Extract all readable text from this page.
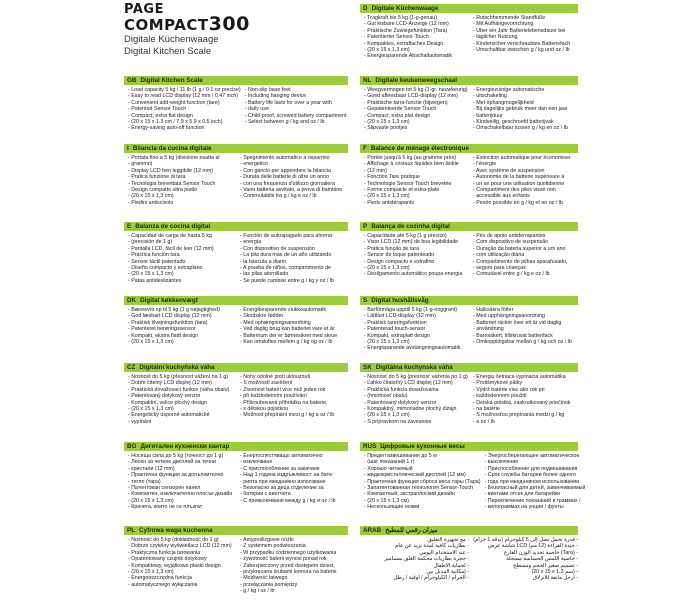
PAGE
COMPACT300
Digitale Küchenwaage
Digital Kitchen Scale
GB Digital Kitchen Scale
- Load capacity 5 kg / 11 lb (1 g / 0.1 oz precise)
- Easy to read LCD display (12 mm / 0.47 inch)
- Convenient add-weight function (tare)
- Patented Sensor Touch
- Compact, extra flat design
- (20 x 15 x 1.3 cm / 7.9 x 5.9 x 0.5 inch)
- Energy-saving auto-off function
- Non-slip base feet
- Including hanging device
- Battery life lasts for over a year with
- daily use
- Child-proof, screwed battery compartment
- Select between g / kg and oz / lb
I Bilancia da cucina digitale
- Portata fino a 5 kg (divisione esatta al
- grammo)
- Display LCD ben leggibile (12 mm)
- Pratica funzione di tara
- Tecnologia brevettata Sensor Touch
- Design compatto ultra piatto
- (20 x 15 x 1,3 cm)
- Piedini antiscivolo
- Spegnimento automatico a risparmio
- energetico
- Con gancio per appendere la bilancia
- Durata delle batterie di oltre un anno
- con una frequenza d'utilizzo giornaliera
- Vano batteria avvitato, a prova di bambino
- Commutabile tra g / kg e oz / lb
E Balanza de cocina digital
- Capacidad de carga de hasta 5 kg
- (precisión de 1 g)
- Pantalla LCD, fácil de leer (12 mm)
- Práctica función tara
- Sensor táctil patentado
- Diseño compacto y extraplano
- (20 x 15 x 1,3 cm)
- Patas antideslizantes
- Función de autoapagado para ahorrar
- energía
- Con dispositivo de suspensión
- La pila dura más de un año utilizando
- la báscula a diario
- A prueba de niños, compartimento de
- las pilas atornillado
- Se puede cambiar entre g / kg y oz / lb
DK Digital køkkenvægt
- Bæreevnt op til 5 kg (1 g nøjagtighed)
- God læsbart LCD display (12 mm)
- Praktisk tilvejningsfunktion (tara)
- Patenteret berøringssensor
- Kompakt, ekstra fladt design
- (20 x 15 x 1,3 cm)
- Energibesparende slukkeautomatik
- Skridsikre fødder
- Med ophængningsanordning
- Ved daglig brug kan batteriet vare et år
- Batterirum der er børnesikret med skrue
- Kan omskiftes mellem g / kg og oz / lb
CZ Digitální kuchyňská váha
- Nosnost do 5 kg (přesnost vážení na 1 g)
- Dobře čitelný LCD displej (12 mm)
- Praktická dovažovací funkce (váha obalu)
- Patentovaný dotykový senzor
- Kompaktní, velice plochý design
- (20 x 15 x 1,3 cm)
- Energeticky úsporné automatické
- vypínání
- Nohy odolné proti uklouznutí
- S možností zavěšení
- Životnost baterií více než jeden rok
- při každodenním používání
- Přišroubovaná přihrádka na baterie,
- s dětskou pojistkou
- Možnost přepínání mezi g / kg a oz / lb
BG Дигитален кухненски кантар
- Носеща сила до 5 kg (точност до 1 g)
- Лесен за четене дисплей на течни
- кристали (12 mm)
- Практична функция за допълнително
- тегло (тара)
- Патентован сензорен панел
- Компактен, изключително плосък дизайн
- (20 x 15 x 1,3 cm)
- Крачета, които не се плъзгат
- Енергоспестяващо автоматично
- изключване
- С приспособление за закачане
- Над 1 година издръжливост на бате-
- рията при ежедневно използване
- Безопасно за деца отделение за
- батерии с винтчета
- С превключване между g / kg и oz / lb
PL Cyfrowa waga kuchenna
- Nośność do 5 kg (dokładność do 1 g)
- Dobrze czytelny wyświetlacz LCD (12 mm)
- Praktyczna funkcja tarowania
- Opatentowany czujnik dotykowy
- Kompaktowy, wyjątkowo płaski design
- (20 x 15 x 1,3 cm)
- Energooszczędna funkcja
- automatycznego wyłączania
- Antypoślizgowe nóżki
- Z systemem podwieszania
- W przypadku codziennego użytkowania
- żywotność baterii wynosi ponad rok
- Zabezpieczony przed dostępem dzieci,
- przykręcana śrubami komora na baterie
- Możliwość łatwego
- przełączania pomiędzy
- g / kg i oz / lb
D Digitale Küchenwaage
- Tragkraft bis 5 kg (1-g-genau)
- Gut lesbare LCD-Anzeige (12 mm)
- Praktische Zuwiegefunktion (Tara)
- Patentierter Sensor-Touch
- Kompaktes, extraflaches Design
- (20 x 15 x 1,3 cm)
- Energiesparende Abschaltautomatik
- Rutschhemmende Standfüße
- Mit Aufhängevorrichtung
- Über ein Jahr Batterielebensdauer bei
- täglicher Nutzung
- Kindersicher verschraubtes Batteriefach
- Umschaltbar zwischen g / kg und oz / lb
NL Digitale keukenweegschaal
- Weegvermogen tot 5 kg (1-gr. nauwkeurig)
- Goed afleesbaar LCD-display (12 mm)
- Praktische tarra-functie (bijwegen)
- Gepatenteerde Sensor Touch
- Compact, extra plat design
- (20 x 15 x 1,3 cm)
- Slipvaste pootjes
- Energiezuinige automatische
- uitschakeling
- Met ophangmogelijkheid
- Bij dagelijks gebruik meer dan een jaar
- batterijduur
- Kindveilig, geschroefd batterijvak
- Omschakelbaar tussen g / kg en oz / lb
F Balance de ménage électronique
- Portée jusqu'à 5 kg (au gramme près)
- Affichage à cristaux liquides bien lisible
- (12 mm)
- Fonction Tare pratique
- Technologie Sensor Touch brevetée
- Forme compacte et extra-plate
- (20 x 15 x 1,3 cm)
- Pieds antidérapants
- Extinction automatique pour économiser
- l'énergie
- Avec système de suspension
- Autonomie de la batterie supérieure à
- un an pour une utilisation quotidienne
- Compartiment des piles vissé non
- accessible aux enfants
- Pesée possible en g / kg et en oz / lb
P Balança de cozinha digital
- Capacidade até 5 kg (1 g preciso)
- Visor LCD (12 mm) de boa legibilidade
- Prática função de tara
- Sensor de toque patenteado
- Design compacto e extrafino
- (20 x 15 x 1,3 cm)
- Desligamento automático poupa energia
- Pés de apoio antiderrapantes
- Com dispositivo de suspensão
- Duração da bateria superior a um ano
- com utilização diária
- Compartimento de pilhas aparafusado,
- seguro para crianças
- Comutável entre g / kg e oz / lb
S Digital hushållsvåg
- Bärförmåga upptill 5 kg (1-g-noggrant)
- Lättläst LCD-display (12 mm)
- Praktisk tareringsfunktion
- Patenterad touch-sensor
- Kompakt, extraplatt design
- (20 x 15 x 1,3 cm)
- Energisparande avstängningsautomatik
- Halksäkra fötter
- Med upphängningsanordning
- Batteriet räcker över ett år vid daglig
- användning
- Barnsäkert, tillskruvat batterifack
- Omkopplingsbar mellan g / kg och oz / lb
SK Digitálna kuchynská váha
- Nosnosť do 5 kg (presnosť váženia po 1 g)
- Ľahko čitateľný LCD displej (12 mm)
- Praktická funkcia dovažovania
- (hmotnosť obalu)
- Patentovaný dotykový senzor
- Kompaktný, mimoriadne plochý dizajn
- (20 x 15 x 1,3 cm)
- S prípravkom na zavesenie
- Energiu šetriaca vypínacia automatika
- Protišmykové pätky
- Výdrž batérie viac ako rok pri
- každodennom použití
- Detská poistka, zaskrutkovaný priečinok
- na batérie
- S možnosťou prepínania medzi g / kg
- a oz / lb
RUS Цифровые кухонные весы
- Предел взвешивания до 5 кг
- (шаг показаний 1 г)
- Хорошо читаемый
- жидкокристаллический дисплей (12 мм)
- Практичная функция сброса веса тары (Тара)
- Запатентованная технология Sensor-Touch
- Компактный, экстраплоский дизайн
- (20 x 15 x 1,3 см)
- Нескользящие ножки
- Энергосберегающее автоматическое
- выключение
- Приспособление для подвешивания
- Срок службы батареи более одного
- года при ежедневном использовании.
- Безопасный для детей, завинчиваемый
- винтами отсек для батарейки
- Переключение показаний в граммах /
- килограммах на унции / фунты
ARAB ميزان رقمي للمطبخ
مع تجهيزة التعليق -
بطاريات كافية لمدة تزيد عن عام -
عند الاستخدام اليومي -
حجرة بطاريات محكمة الغلق بمسامير -
لحماية الأطفال -
إمكانية التبديل بين -
الجرام / الكيلوجرام / أوقية / رطل -
قدرة تحمل تصل إلى 5 كيلوجرام (بدقة 1 جرام) -
شاشة عرض LCD جيدة القراءة (12 مم) -
خاصية تحديد الوزن الفارغ (Tara) -
خاصية اللمس الحساسة مسجلة -
تصميم صغير الحجم ومسطح -
(20 x 15 x 1,3 سم) -
أرجل مانعة للانزلاق -
